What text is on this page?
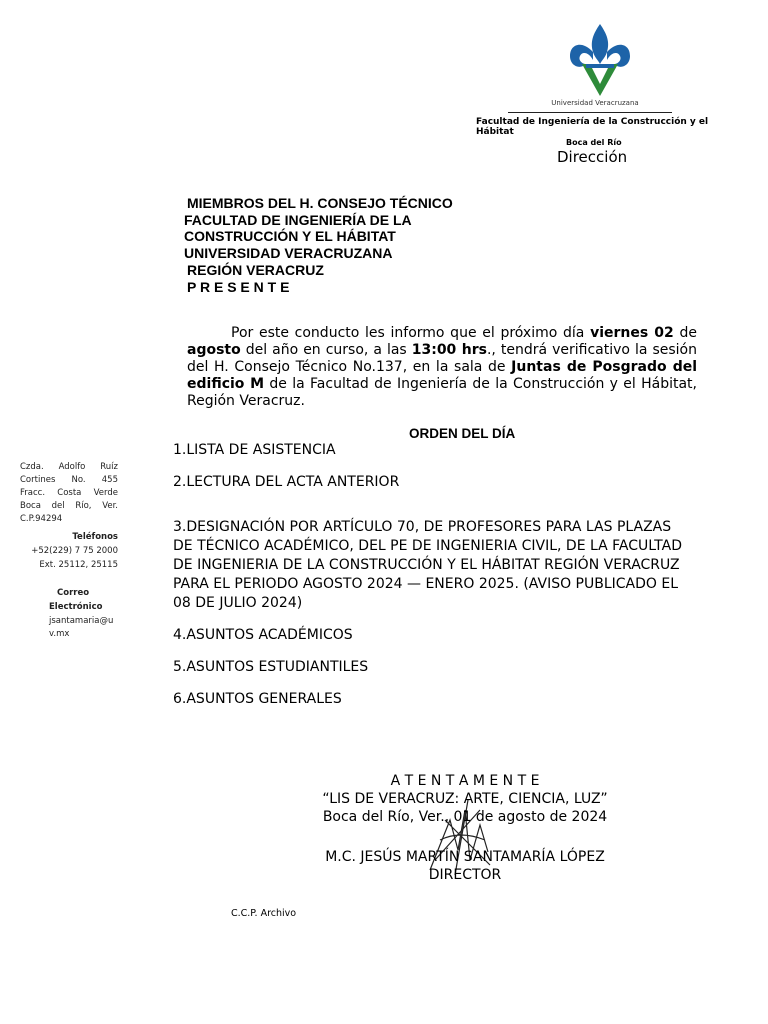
Universidad Veracruzana
Facultad de Ingeniería de la Construcción y el Hábitat
Boca del Río
Dirección
MIEMBROS DEL H. CONSEJO TÉCNICO
FACULTAD DE INGENIERÍA DE LA
CONSTRUCCIÓN Y EL HÁBITAT
UNIVERSIDAD VERACRUZANA
REGIÓN VERACRUZ
P R E S E N T E
Por este conducto les informo que el próximo día viernes 02 de agosto del año en curso, a las 13:00 hrs., tendrá verificativo la sesión del H. Consejo Técnico No.137, en la sala de Juntas de Posgrado del edificio M de la Facultad de Ingeniería de la Construcción y el Hábitat, Región Veracruz.
ORDEN DEL DÍA
1.LISTA DE ASISTENCIA
2.LECTURA DEL ACTA ANTERIOR
3.DESIGNACIÓN POR ARTÍCULO 70, DE PROFESORES PARA LAS PLAZAS DE TÉCNICO ACADÉMICO, DEL PE DE INGENIERIA CIVIL, DE LA FACULTAD DE INGENIERIA DE LA CONSTRUCCIÓN Y EL HÁBITAT REGIÓN VERACRUZ PARA EL PERIODO AGOSTO 2024 — ENERO 2025. (AVISO PUBLICADO EL 08 DE JULIO 2024)
4.ASUNTOS ACADÉMICOS
5.ASUNTOS ESTUDIANTILES
6.ASUNTOS GENERALES
Czda. Adolfo Ruíz Cortines No. 455 Fracc. Costa Verde Boca del Río, Ver. C.P.94294
Teléfonos
+52(229) 7 75 2000
Ext. 25112, 25115
Correo
Electrónico
jsantamaria@uv.mx
A T E N T A M E N T E
“LIS DE VERACRUZ: ARTE, CIENCIA, LUZ”
Boca del Río, Ver., 01 de agosto de 2024
M.C. JESÚS MARTÍN SANTAMARÍA LÓPEZ
DIRECTOR
C.C.P. Archivo
